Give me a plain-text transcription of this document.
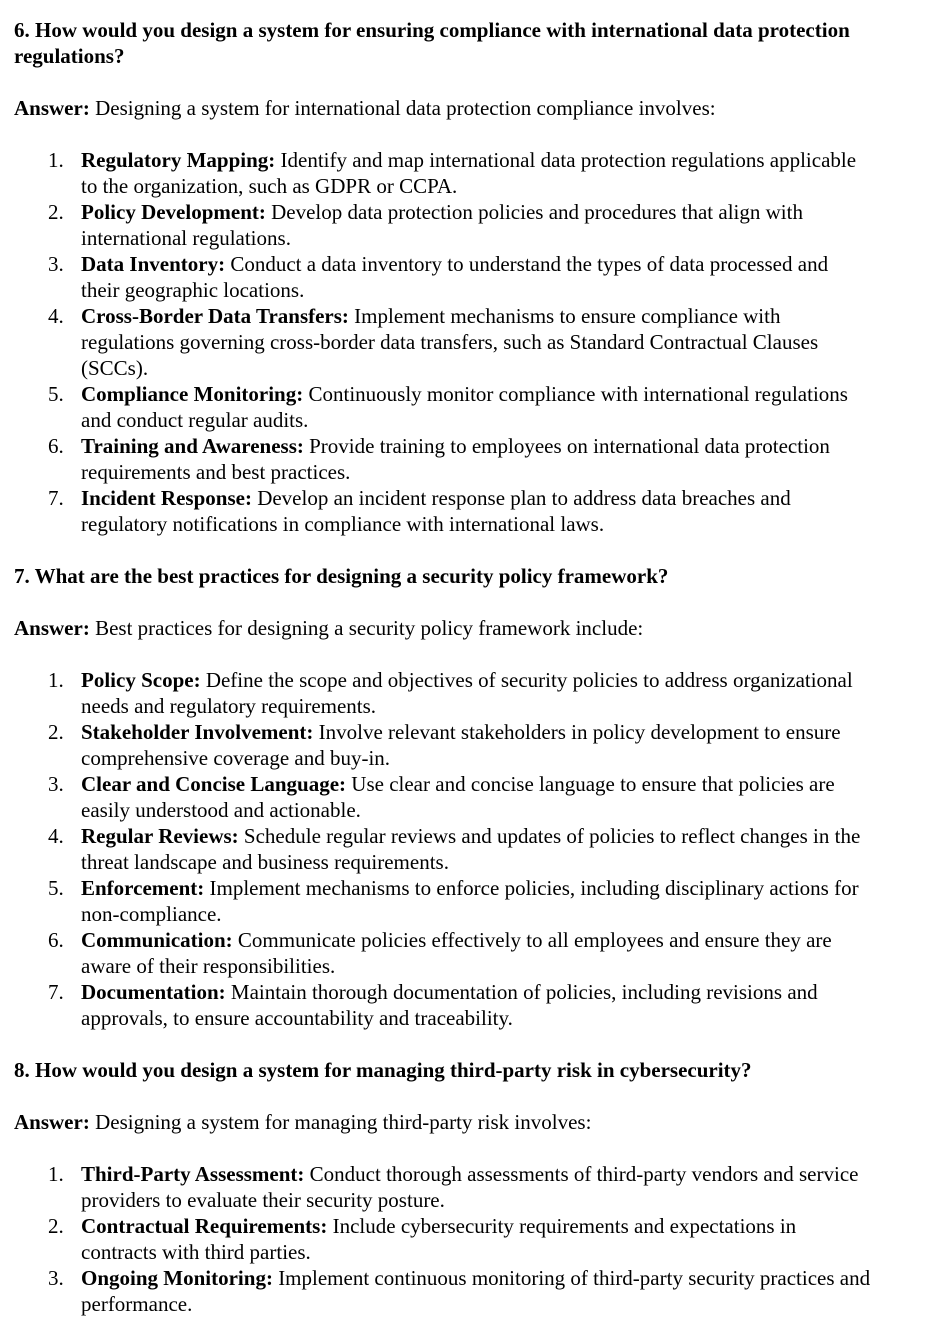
6. How would you design a system for ensuring compliance with international data protection regulations?

Answer: Designing a system for international data protection compliance involves:

1. Regulatory Mapping: Identify and map international data protection regulations applicable to the organization, such as GDPR or CCPA.
2. Policy Development: Develop data protection policies and procedures that align with international regulations.
3. Data Inventory: Conduct a data inventory to understand the types of data processed and their geographic locations.
4. Cross-Border Data Transfers: Implement mechanisms to ensure compliance with regulations governing cross-border data transfers, such as Standard Contractual Clauses (SCCs).
5. Compliance Monitoring: Continuously monitor compliance with international regulations and conduct regular audits.
6. Training and Awareness: Provide training to employees on international data protection requirements and best practices.
7. Incident Response: Develop an incident response plan to address data breaches and regulatory notifications in compliance with international laws.

7. What are the best practices for designing a security policy framework?

Answer: Best practices for designing a security policy framework include:

1. Policy Scope: Define the scope and objectives of security policies to address organizational needs and regulatory requirements.
2. Stakeholder Involvement: Involve relevant stakeholders in policy development to ensure comprehensive coverage and buy-in.
3. Clear and Concise Language: Use clear and concise language to ensure that policies are easily understood and actionable.
4. Regular Reviews: Schedule regular reviews and updates of policies to reflect changes in the threat landscape and business requirements.
5. Enforcement: Implement mechanisms to enforce policies, including disciplinary actions for non-compliance.
6. Communication: Communicate policies effectively to all employees and ensure they are aware of their responsibilities.
7. Documentation: Maintain thorough documentation of policies, including revisions and approvals, to ensure accountability and traceability.

8. How would you design a system for managing third-party risk in cybersecurity?

Answer: Designing a system for managing third-party risk involves:

1. Third-Party Assessment: Conduct thorough assessments of third-party vendors and service providers to evaluate their security posture.
2. Contractual Requirements: Include cybersecurity requirements and expectations in contracts with third parties.
3. Ongoing Monitoring: Implement continuous monitoring of third-party security practices and performance.
